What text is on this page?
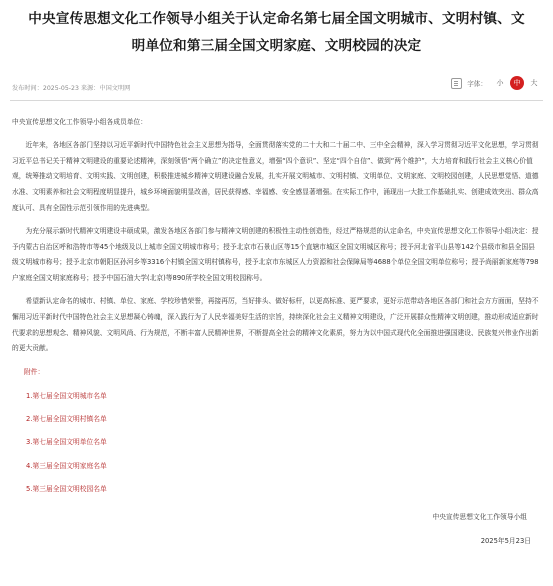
中央宣传思想文化工作领导小组关于认定命名第七届全国文明城市、文明村镇、文明单位和第三届全国文明家庭、文明校园的决定
发布时间：2025-05-23 来源：中国文明网
字体：	小	中	大

中央宣传思想文化工作领导小组各成员单位：

近年来，各地区各部门坚持以习近平新时代中国特色社会主义思想为指导，全面贯彻落实党的二十大和二十届二中、三中全会精神，深入学习贯彻习近平文化思想，学习贯彻习近平总书记关于精神文明建设的重要论述精神，深刻领悟“两个确立”的决定性意义，增强“四个意识”、坚定“四个自信”、做到“两个维护”，大力培育和践行社会主义核心价值观，统筹推动文明培育、文明实践、文明创建，积极推进城乡精神文明建设融合发展，扎实开展文明城市、文明村镇、文明单位、文明家庭、文明校园创建，人民思想觉悟、道德水准、文明素养和社会文明程度明显提升，城乡环境面貌明显改善，居民获得感、幸福感、安全感显著增强。在实际工作中，涌现出一大批工作基础扎实、创建成效突出、群众高度认可、具有全国性示范引领作用的先进典型。

为充分展示新时代精神文明建设丰硕成果，激发各地区各部门参与精神文明创建的积极性主动性创造性，经过严格规范的认定命名，中央宣传思想文化工作领导小组决定：授予内蒙古自治区呼和浩特市等45个地级及以上城市全国文明城市称号；授予北京市石景山区等15个直辖市城区全国文明城区称号；授予河北省平山县等142个县级市和县全国县级文明城市称号；授予北京市朝阳区孙河乡等3316个村镇全国文明村镇称号，授予北京市东城区人力资源和社会保障局等4688个单位全国文明单位称号；授予尚丽新家庭等798户家庭全国文明家庭称号；授予中国石油大学(北京)等890所学校全国文明校园称号。

希望新认定命名的城市、村镇、单位、家庭、学校珍惜荣誉，再接再厉，当好排头、做好标杆，以更高标准、更严要求，更好示范带动各地区各部门和社会方方面面，坚持不懈用习近平新时代中国特色社会主义思想凝心铸魂，深入践行为了人民幸福美好生活的宗旨，持续深化社会主义精神文明建设，广泛开展群众性精神文明创建，推动形成适应新时代要求的思想观念、精神风貌、文明风尚、行为规范，不断丰富人民精神世界，不断提高全社会的精神文化素质，努力为以中国式现代化全面推进强国建设、民族复兴伟业作出新的更大贡献。

附件：

1.第七届全国文明城市名单

2.第七届全国文明村镇名单

3.第七届全国文明单位名单

4.第三届全国文明家庭名单

5.第三届全国文明校园名单

中央宣传思想文化工作领导小组

2025年5月23日
